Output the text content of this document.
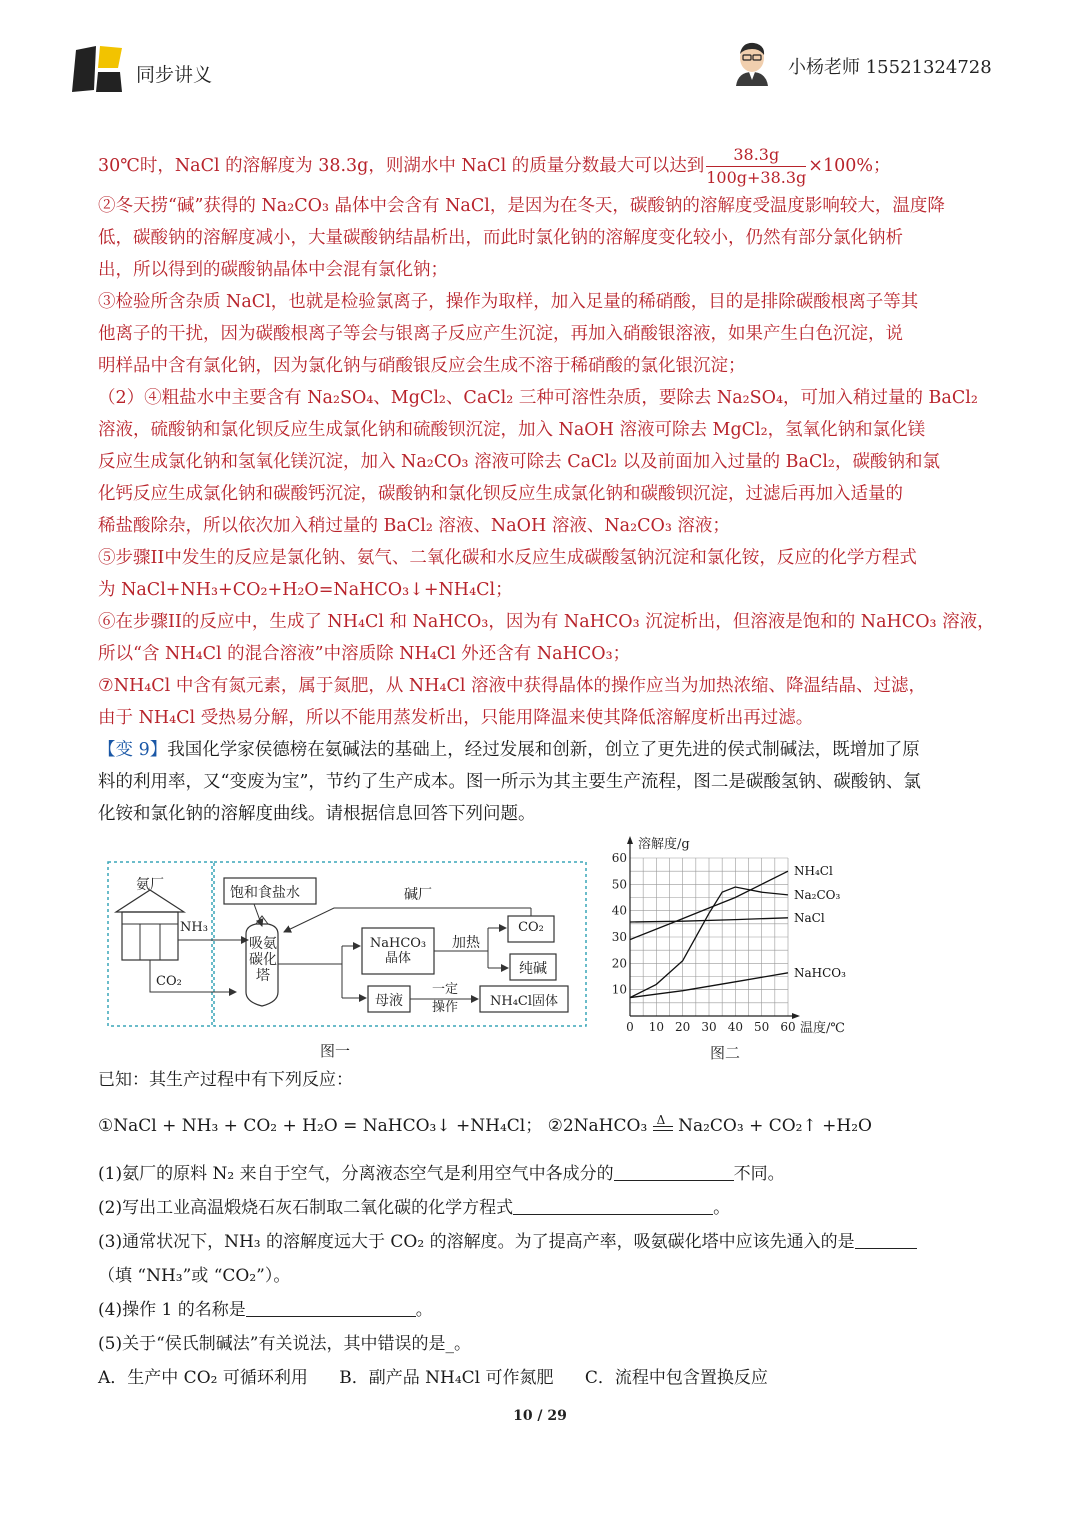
同步讲义	小杨老师 15521324728
30℃时，NaCl 的溶解度为 38.3g，则湖水中 NaCl 的质量分数最大可以达到 $\frac{38.3g}{100g+38.3g} \times 100\%$；
②冬天捞“碱”获得的 Na₂CO₃ 晶体中会含有 NaCl，是因为在冬天，碳酸钠的溶解度受温度影响较大，温度降
低，碳酸钠的溶解度减小，大量碳酸钠结晶析出，而此时氯化钠的溶解度变化较小，仍然有部分氯化钠析
出，所以得到的碳酸钠晶体中会混有氯化钠；
③检验所含杂质 NaCl，也就是检验氯离子，操作为取样，加入足量的稀硝酸，目的是排除碳酸根离子等其
他离子的干扰，因为碳酸根离子等会与银离子反应产生沉淀，再加入硝酸银溶液，如果产生白色沉淀，说
明样品中含有氯化钠，因为氯化钠与硝酸银反应会生成不溶于稀硝酸的氯化银沉淀；
（2）④粗盐水中主要含有 Na₂SO₄、MgCl₂、CaCl₂ 三种可溶性杂质，要除去 Na₂SO₄，可加入稍过量的 BaCl₂
溶液，硫酸钠和氯化钡反应生成氯化钠和硫酸钡沉淀，加入 NaOH 溶液可除去 MgCl₂，氢氧化钠和氯化镁
反应生成氯化钠和氢氧化镁沉淀，加入 Na₂CO₃ 溶液可除去 CaCl₂ 以及前面加入过量的 BaCl₂，碳酸钠和氯
化钙反应生成氯化钠和碳酸钙沉淀，碳酸钠和氯化钡反应生成氯化钠和碳酸钡沉淀，过滤后再加入适量的
稀盐酸除杂，所以依次加入稍过量的 BaCl₂ 溶液、NaOH 溶液、Na₂CO₃ 溶液；
⑤步骤II中发生的反应是氯化钠、氨气、二氧化碳和水反应生成碳酸氢钠沉淀和氯化铵，反应的化学方程式
为 NaCl+NH₃+CO₂+H₂O=NaHCO₃↓+NH₄Cl；
⑥在步骤II的反应中，生成了 NH₄Cl 和 NaHCO₃，因为有 NaHCO₃ 沉淀析出，但溶液是饱和的 NaHCO₃ 溶液，
所以“含 NH₄Cl 的混合溶液”中溶质除 NH₄Cl 外还含有 NaHCO₃；
⑦NH₄Cl 中含有氮元素，属于氮肥，从 NH₄Cl 溶液中获得晶体的操作应当为加热浓缩、降温结晶、过滤，
由于 NH₄Cl 受热易分解，所以不能用蒸发析出，只能用降温来使其降低溶解度析出再过滤。
【变 9】我国化学家侯德榜在氨碱法的基础上，经过发展和创新，创立了更先进的侯式制碱法，既增加了原
料的利用率，又“变废为宝”，节约了生产成本。图一所示为其主要生产流程，图二是碳酸氢钠、碳酸钠、氯
化铵和氯化钠的溶解度曲线。请根据信息回答下列问题。
氨厂	饱和食盐水	碱厂
NH₃
CO₂
吸氨
碳化
塔
NaHCO₃
晶体
加热
CO₂
纯碱
母液
一定
操作	NH₄Cl固体
图一
0 10 20 30 40 50 60
10
20
30
40
50
60
溶解度/g
温度/℃
NH₄Cl
Na₂CO₃
NaCl
NaHCO₃
图二
已知：其生产过程中有下列反应：
①NaCl + NH₃ + CO₂ + H₂O = NaHCO₃↓ +NH₄Cl； ②2NaHCO₃ Δ Na₂CO₃ + CO₂↑ +H₂O
(1)氨厂的原料 N₂ 来自于空气，分离液态空气是利用空气中各成分的	不同。
(2)写出工业高温煅烧石灰石制取二氧化碳的化学方程式	。
(3)通常状况下，NH₃ 的溶解度远大于 CO₂ 的溶解度。为了提高产率，吸氨碳化塔中应该先通入的是
（填 “NH₃”或 “CO₂”）。
(4)操作 1 的名称是	。
(5)关于“侯氏制碱法”有关说法，其中错误的是_。
A．生产中 CO₂ 可循环利用 B．副产品 NH₄Cl 可作氮肥 C．流程中包含置换反应
10 / 29
